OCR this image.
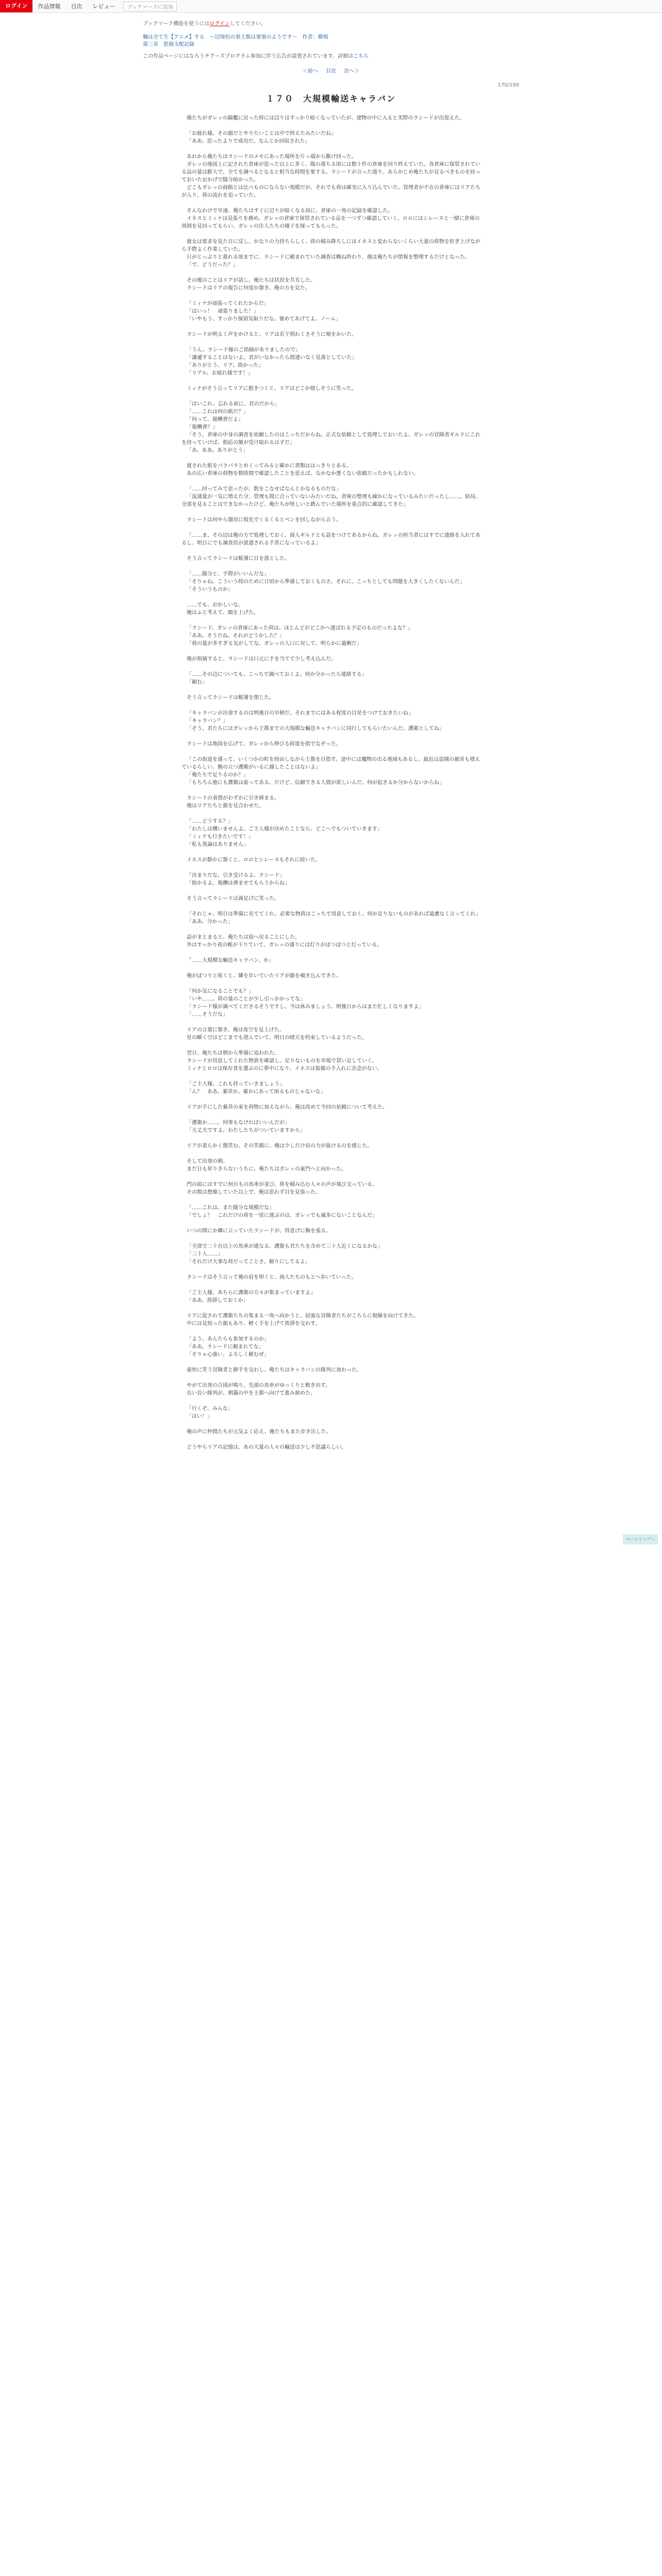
ログイン	作品情報	目次	レビュー	ブックマークに追加
ブックマーク機能を使うにはログインしてください。
軸は全て生【アニメ】する　～辺境伯の領主館は要塞のようです～　作者：雅鳴
第三章　悠揚支配記録
この作品ページにはなろうチアーズプログラム参加に伴う広告が設置されています。詳細はこちら
＜前へ 目次 次へ＞
170/190
１７０　大規模輸送キャラバン

俺たちがガレッの鏡艦に戻った時には辺りはすっかり暗くなっていたが、建物の中に入ると実際のラシードが出迎えた。

「お疲れ様。その顔だとやりたいことは中で終えたみたいだね」

「ああ。思ったよりで成功だ。なんとか回収された」

あれから俺たちはラシードのメモにあった場所を片っ端から駆け回った。

ガレッの地図上に記された倉庫が思った以上に多く、陽の落ちる頃には数十件の倉庫を回り終えていた。各倉庫に保管されている品の量は膨大で、全てを調べるとなると相当な時間を要する。ラシードが言った通り、あらかじめ俺たちが見るべきものを絞っておいたおかげで随分助かった。

どこもガレッの商館とは比べものにならない規模だが、それでも荷は確実に入り込んでいた。管理者が不在の倉庫にはリアたちが入り、荷の流れを追っていた。

そんなわけで早速、俺たちはすぐに辺りが暗くなる前に、倉庫の一角の記録を確認した。

イネスとミィナは見張りを務め、ガレッの倉庫で保管されている品を一つずつ確認していく。ロロにはシレーヌと一緒に倉庫の周囲を見回ってもらい、ガレッの住人たちの様子を探ってもらった。

彼女は要求を見た目に反し、かなりの力持ちらしく、荷の積み降ろしにはイネスと変わらないくらい大量の荷物を担ぎ上げながら手際よく作業していた。

日がとっぷりと暮れる頃までに、ラシードに頼まれていた調査は概ね終わり、後は俺たちが情報を整理するだけとなった。

「で、どうだった？」

その後のことはリアが話し、俺たちは状況を共有した。

ラシードはリアの報告に何度か頷き、俺の方を見た。

「ミィナが頑張ってくれたからだ」

「はいっ！　頑張りました！」

「いやもう、すっかり探偵気取りだな。褒めてあげてよ。ノーム」

ラシードが明るく声をかけると、リアは若干照れくさそうに頬をかいた。

「うん、ラシード様のご指摘がありましたので」

「謙遜することはないよ。君がいなかったら間違いなく見落としていた」

「ありがとう、リア。助かった」

「リアル、お疲れ様です！」

ミィナがそう言ってリアに抱きつくと、リアはどこか嬉しそうに笑った。

「はいこれ、忘れる前に。君のだから」

「……これは何の紙だ？」

「何って、報酬書だよ」

「報酬書？」

「そう。倉庫の中身の調査を依頼したのはこっちだからね。正式な依頼として処理しておいたよ。ガレッの冒険者ギルドにこれを持っていけば、相応の額が受け取れるはずだ」

「あ、ああ。ありがとう」

渡された紙をパラパラとめくってみると確かに書類ははっきりとある。

あの広い倉庫の荷物を数時間で確認したことを思えば、なかなか悪くない依頼だったかもしれない。

「……回ってみて思ったが、数をこなせばなんとかなるものだな」

「流通量が一気に増えた分、管理も間に合っていないみたいだね。倉庫の整理も疎かになっているみたいだったし……。結局、全部を見ることはできなかったけど、俺たちが怪しいと踏んでいた場所を重点的に確認してきた」

ラシードは何やら器用に指先でくるくるとペンを回しながら言う。

「……ま、その辺は俺の方で処理しておく。商人ギルドとも話をつけてあるからね。ガレッの担当者にはすでに連絡を入れてあるし、明日にでも調査員が派遣される手筈になっているよ」

そう言ってラシードは帳簿に目を落とした。

「……随分と、手際がいいんだな」

「そりゃね。こういう時のために日頃から準備しておくものさ。それに、こっちとしても問題を大きくしたくないんだ」

「そういうものか」

……でも、おかしいな。

俺はふと考えて、顔を上げた。

「ラシード。ガレッの倉庫にあった荷は、ほとんどがどこかへ運ばれる予定のものだったよな？」

「ああ、そうだね。それがどうかした？」

「荷の量が多すぎる気がしてな。ガレッの人口に対して、明らかに過剰だ」

俺が指摘すると、ラシードは口元に手を当てて少し考え込んだ。

「……その辺についても、こっちで調べておくよ。何か分かったら連絡する」

「頼む」

そう言ってラシードは帳簿を閉じた。

「キャラバンが出発するのは明後日の早朝だ。それまでにはある程度の目星をつけておきたいね」

「キャラバン？」

「そう。君たちにはガレッから王都までの大規模な輸送キャラバンに同行してもらいたいんだ。護衛としてね」

ラシードは地図を広げて、ガレッから伸びる街道を指でなぞった。

「この街道を通って、いくつかの町を経由しながら王都を目指す。途中には魔物の出る地域もあるし、最近は盗賊の被害も増えているらしい。腕の立つ護衛がいるに越したことはないよ」

「俺たちで足りるのか？」

「もちろん他にも護衛は雇ってある。だけど、信頼できる人間が欲しいんだ。何が起きるか分からないからね」

ラシードの表情がわずかに引き締まる。

俺はリアたちと顔を見合わせた。

「……どうする？」

「わたしは構いませんよ。ご主人様が決めたことなら、どこへでもついていきます」

「ミィナも行きたいです！」

「私も異論はありません」

イネスが静かに頷くと、ロロとシレーヌもそれに続いた。

「決まりだな。引き受けるよ、ラシード」

「助かるよ。報酬は弾ませてもらうからね」

そう言ってラシードは満足げに笑った。

「それじゃ、明日は準備に充ててくれ。必要な物資はこっちで用意しておく。何か足りないものがあれば遠慮なく言ってくれ」

「ああ、分かった」

話がまとまると、俺たちは宿へ戻ることにした。

外はすっかり夜の帳が下りていて、ガレッの通りには灯りがぽつぽつと灯っている。

「……大規模な輸送キャラバン、か」

俺がぽつりと呟くと、隣を歩いていたリアが顔を覗き込んできた。

「何か気になることでも？」

「いや……。荷の量のことが少し引っかかってな」

「ラシード様が調べてくださるそうですし、今は休みましょう。明後日からはまた忙しくなりますよ」

「……そうだな」

リアの言葉に頷き、俺は夜空を見上げた。

星の瞬く空はどこまでも澄んでいて、明日の晴天を約束しているようだった。

翌日、俺たちは朝から準備に追われた。

ラシードが用意してくれた物資を確認し、足りないものを市場で買い足していく。

ミィナとロロは保存食を選ぶのに夢中になり、イネスは装備の手入れに余念がない。

「ご主人様、これも持っていきましょう」

「ん？　ああ、薬草か。確かにあって困るものじゃないな」

リアが手にした薬草の束を荷物に加えながら、俺は改めて今回の依頼について考えた。

「護衛か……。何事もなければいいんだが」

「大丈夫ですよ。わたしたちがついていますから」

リアが柔らかく微笑む。その笑顔に、俺は少しだけ肩の力が抜けるのを感じた。

そして出発の朝。

まだ日も昇りきらないうちに、俺たちはガレッの東門へと向かった。

門の前にはすでに何台もの馬車が並び、荷を積み込む人々の声が飛び交っている。

その数は想像していた以上で、俺は思わず目を見張った。

「……これは、また随分な規模だな」

「でしょ？　これだけの荷を一度に運ぶのは、ガレッでも滅多にないことなんだ」

いつの間にか隣に立っていたラシードが、得意げに胸を張る。

「全部で二十台以上の馬車が連なる。護衛も君たちを含めて三十人近くになるかな」

「三十人……」

「それだけ大事な荷だってことさ。頼りにしてるよ」

ラシードはそう言って俺の肩を叩くと、商人たちのもとへ歩いていった。

「ご主人様、あちらに護衛の方々が集まっていますよ」

「ああ、挨拶しておくか」

リアに促されて護衛たちの集まる一角へ向かうと、屈強な冒険者たちがこちらに視線を向けてきた。

中には見知った顔もあり、軽く手を上げて挨拶を交わす。

「よう、あんたらも参加するのか」

「ああ。ラシードに頼まれてな」

「そりゃ心強い。よろしく頼むぜ」

豪快に笑う冒険者と握手を交わし、俺たちはキャラバンの隊列に加わった。

やがて出発の合図が鳴り、先頭の馬車がゆっくりと動き出す。

長い長い隊列が、朝靄の中を王都へ向けて進み始めた。

「行くぞ、みんな」

「はい！」

俺の声に仲間たちが元気よく応え、俺たちもまた歩き出した。

どうやらリアの記憶は、あの大量の人々の輸送は少し不思議らしい。

ページトップへ
